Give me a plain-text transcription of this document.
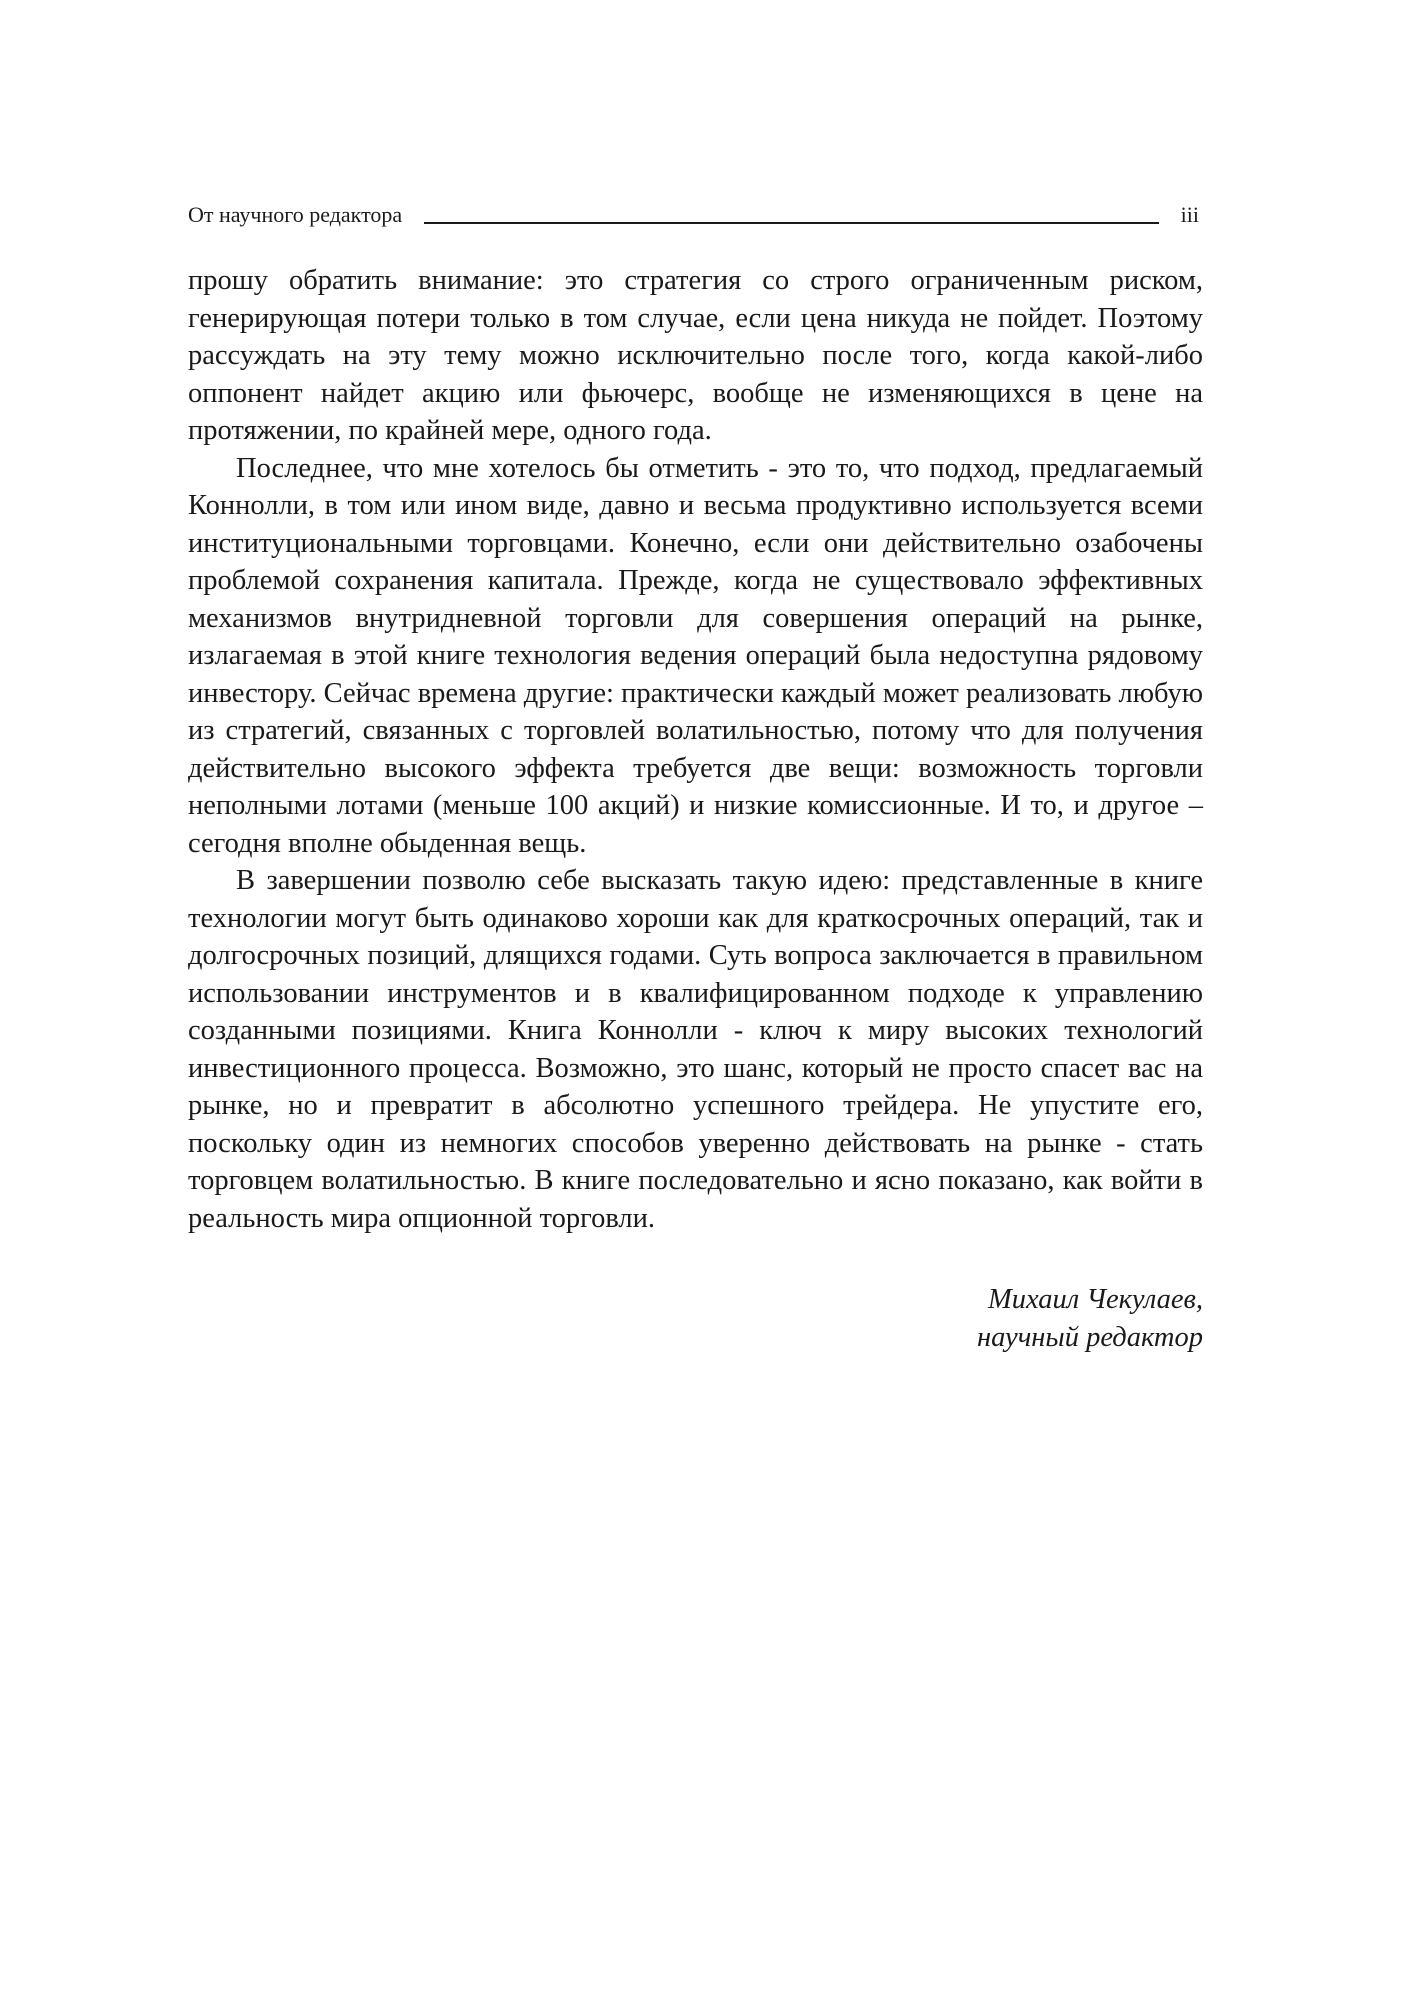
От научного редактора	iii

прошу обратить внимание: это стратегия со строго ограниченным риском, генерирующая потери только в том случае, если цена никуда не пойдет. Поэтому рассуждать на эту тему можно исключительно после того, когда какой-либо оппонент найдет акцию или фьючерс, вообще не изменяющихся в цене на протяжении, по крайней мере, одного года.

Последнее, что мне хотелось бы отметить - это то, что подход, предлагаемый Коннолли, в том или ином виде, давно и весьма продуктивно используется всеми институциональными торговцами. Конечно, если они действительно озабочены проблемой сохранения капитала. Прежде, когда не существовало эффективных механизмов внутридневной торговли для совершения операций на рынке, излагаемая в этой книге технология ведения операций была недоступна рядовому инвестору. Сейчас времена другие: практически каждый может реализовать любую из стратегий, связанных с торговлей волатильностью, потому что для получения действительно высокого эффекта требуется две вещи: возможность торговли неполными лотами (меньше 100 акций) и низкие комиссионные. И то, и другое – сегодня вполне обыденная вещь.

В завершении позволю себе высказать такую идею: представленные в книге технологии могут быть одинаково хороши как для краткосрочных операций, так и долгосрочных позиций, длящихся годами. Суть вопроса заключается в правильном использовании инструментов и в квалифицированном подходе к управлению созданными позициями. Книга Коннолли - ключ к миру высоких технологий инвестиционного процесса. Возможно, это шанс, который не просто спасет вас на рынке, но и превратит в абсолютно успешного трейдера. Не упустите его, поскольку один из немногих способов уверенно действовать на рынке - стать торговцем волатильностью. В книге последовательно и ясно показано, как войти в реальность мира опционной торговли.

Михаил Чекулаев,
научный редактор
